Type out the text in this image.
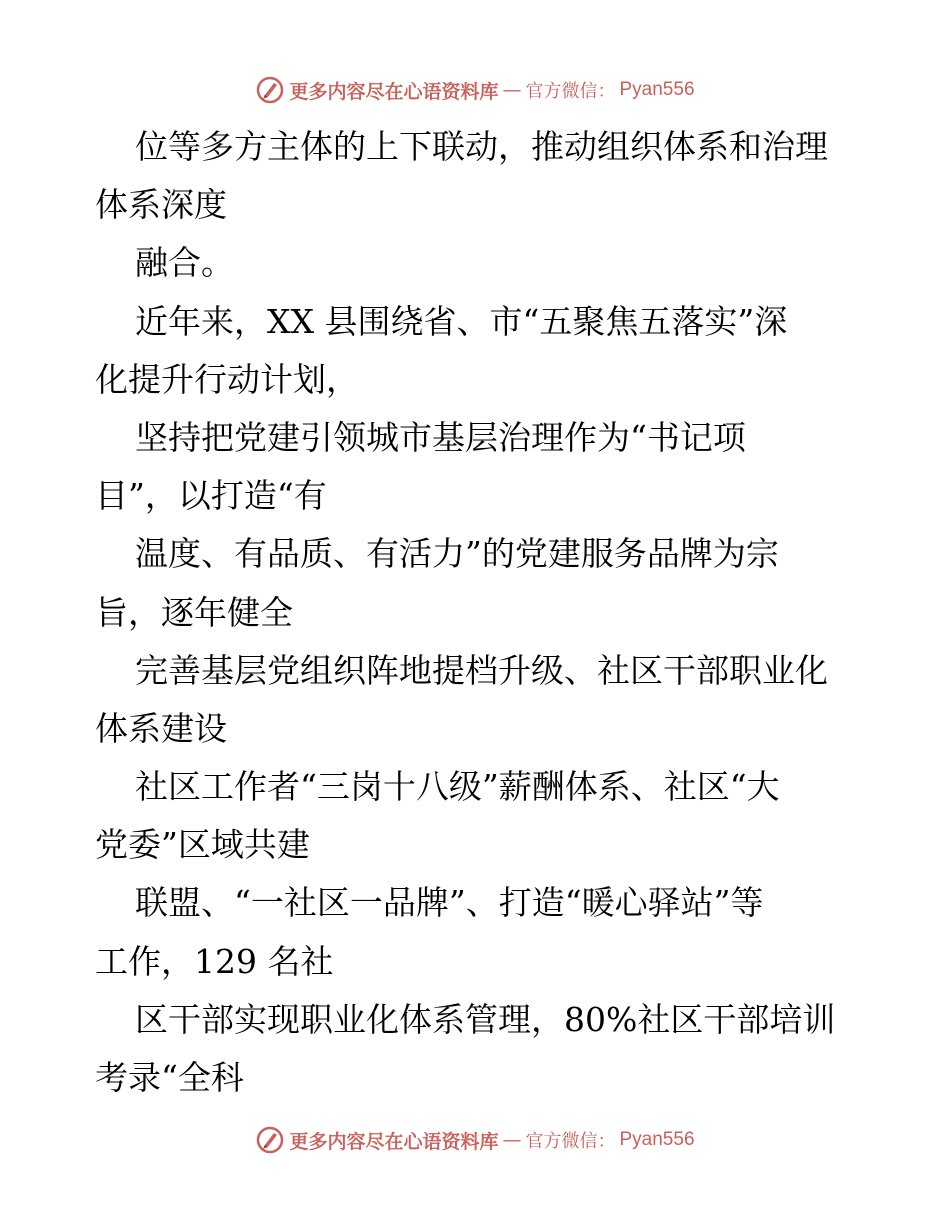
更多内容尽在心语资料库 — 官方微信： Pyan556
位等多方主体的上下联动，推动组织体系和治理
体系深度
融合。
近年来，XX 县围绕省、市“五聚焦五落实”深
化提升行动计划，
坚持把党建引领城市基层治理作为“书记项
目”，以打造“有
温度、有品质、有活力”的党建服务品牌为宗
旨，逐年健全
完善基层党组织阵地提档升级、社区干部职业化
体系建设
社区工作者“三岗十八级”薪酬体系、社区“大
党委”区域共建
联盟、“一社区一品牌”、打造“暖心驿站”等
工作，129 名社
区干部实现职业化体系管理，80%社区干部培训
考录“全科
更多内容尽在心语资料库 — 官方微信： Pyan556
